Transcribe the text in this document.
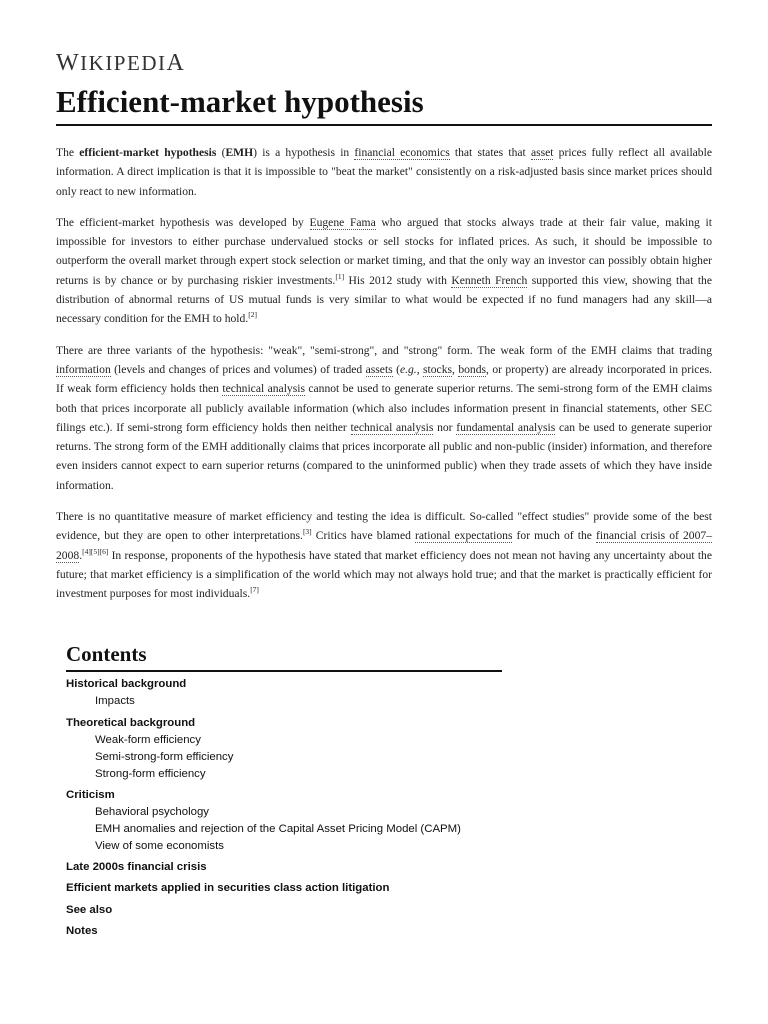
WIKIPEDIA
Efficient-market hypothesis

The efficient-market hypothesis (EMH) is a hypothesis in financial economics that states that asset prices fully reflect all available information. A direct implication is that it is impossible to "beat the market" consistently on a risk-adjusted basis since market prices should only react to new information.

The efficient-market hypothesis was developed by Eugene Fama who argued that stocks always trade at their fair value, making it impossible for investors to either purchase undervalued stocks or sell stocks for inflated prices. As such, it should be impossible to outperform the overall market through expert stock selection or market timing, and that the only way an investor can possibly obtain higher returns is by chance or by purchasing riskier investments.[1] His 2012 study with Kenneth French supported this view, showing that the distribution of abnormal returns of US mutual funds is very similar to what would be expected if no fund managers had any skill—a necessary condition for the EMH to hold.[2]

There are three variants of the hypothesis: "weak", "semi-strong", and "strong" form. The weak form of the EMH claims that trading information (levels and changes of prices and volumes) of traded assets (e.g., stocks, bonds, or property) are already incorporated in prices. If weak form efficiency holds then technical analysis cannot be used to generate superior returns. The semi-strong form of the EMH claims both that prices incorporate all publicly available information (which also includes information present in financial statements, other SEC filings etc.). If semi-strong form efficiency holds then neither technical analysis nor fundamental analysis can be used to generate superior returns. The strong form of the EMH additionally claims that prices incorporate all public and non-public (insider) information, and therefore even insiders cannot expect to earn superior returns (compared to the uninformed public) when they trade assets of which they have inside information.

There is no quantitative measure of market efficiency and testing the idea is difficult. So-called "effect studies" provide some of the best evidence, but they are open to other interpretations.[3] Critics have blamed rational expectations for much of the financial crisis of 2007–2008.[4][5][6] In response, proponents of the hypothesis have stated that market efficiency does not mean not having any uncertainty about the future; that market efficiency is a simplification of the world which may not always hold true; and that the market is practically efficient for investment purposes for most individuals.[7]

Contents
Historical background
Impacts
Theoretical background
Weak-form efficiency
Semi-strong-form efficiency
Strong-form efficiency
Criticism
Behavioral psychology
EMH anomalies and rejection of the Capital Asset Pricing Model (CAPM)
View of some economists
Late 2000s financial crisis
Efficient markets applied in securities class action litigation
See also
Notes
